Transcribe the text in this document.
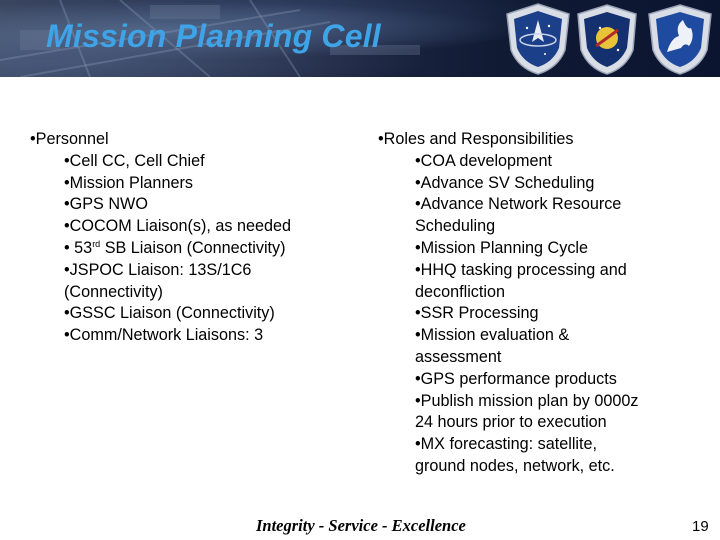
Mission Planning Cell
•Personnel
•Cell CC, Cell Chief
•Mission Planners
•GPS NWO
•COCOM Liaison(s), as needed
• 53rd SB Liaison (Connectivity)
•JSPOC Liaison: 13S/1C6
(Connectivity)
•GSSC Liaison (Connectivity)
•Comm/Network Liaisons: 3
•Roles and Responsibilities
•COA development
•Advance SV Scheduling
•Advance Network Resource
Scheduling
•Mission Planning Cycle
•HHQ tasking processing and
deconfliction
•SSR Processing
•Mission evaluation &
assessment
•GPS performance products
•Publish mission plan by 0000z
24 hours prior to execution
•MX forecasting: satellite,
ground nodes, network, etc.
Integrity - Service - Excellence	19
